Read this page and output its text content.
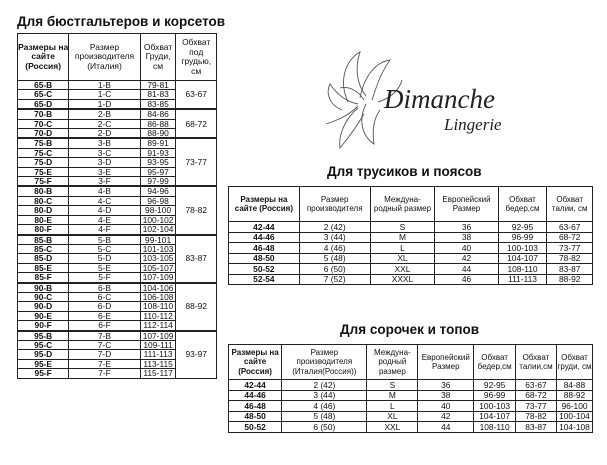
Для бюстгальтеров и корсетов
Для трусиков и поясов
Для сорочек и топов
Dimanche
Lingerie
Размеры на сайте (Россия)	Размер производителя (Италия)	Обхват Груди, см	Обхват под грудью, см
65-B	1-B	79-81	63-67
65-C	1-C	81-83	
65-D	1-D	83-85	
70-B	2-B	84-86	68-72
70-C	2-C	86-88	
70-D	2-D	88-90	
75-B	3-B	89-91	73-77
75-C	3-C	91-93	
75-D	3-D	93-95	
75-E	3-E	95-97	
75-F	3-F	97-99	
80-B	4-B	94-96	78-82
80-C	4-C	96-98	
80-D	4-D	98-100	
80-E	4-E	100-102	
80-F	4-F	102-104	
85-B	5-B	99-101	83-87
85-C	5-C	101-103	
85-D	5-D	103-105	
85-E	5-E	105-107	
85-F	5-F	107-109	
90-B	6-B	104-106	88-92
90-C	6-C	106-108	
90-D	6-D	108-110	
90-E	6-E	110-112	
90-F	6-F	112-114	
95-B	7-B	107-109	93-97
95-C	7-C	109-111	
95-D	7-D	111-113	
95-E	7-E	113-115	
95-F	7-F	115-117	
Размеры на сайте (Россия)	Размер производителя	Междуна-родный размер	Европейский Размер	Обхват бедер,см	Обхват талии, см
42-44	2 (42)	S	36	92-95	63-67
44-46	3 (44)	M	38	96-99	68-72
46-48	4 (46)	L	40	100-103	73-77
48-50	5 (48)	XL	42	104-107	78-82
50-52	6 (50)	XXL	44	108-110	83-87
52-54	7 (52)	XXXL	46	111-113	88-92
Размеры на сайте (Россия)	Размер производителя (Италия(Россия))	Междуна-родный размер	Европейский Размер	Обхват бедер,см	Обхват талии,см	Обхват груди, см
42-44	2 (42)	S	36	92-95	63-67	84-88
44-46	3 (44)	M	38	96-99	68-72	88-92
46-48	4 (46)	L	40	100-103	73-77	96-100
48-50	5 (48)	XL	42	104-107	78-82	100-104
50-52	6 (50)	XXL	44	108-110	83-87	104-108
